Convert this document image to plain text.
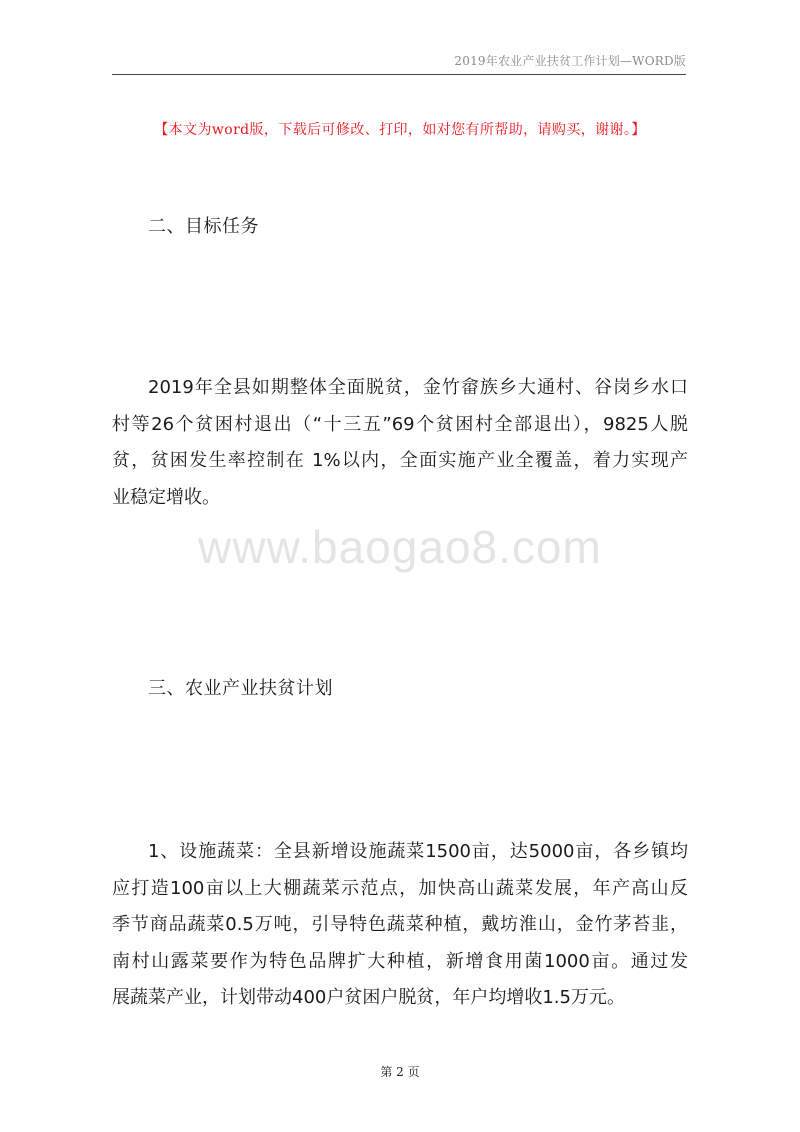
2019年农业产业扶贫工作计划—WORD版
【本文为word版，下载后可修改、打印，如对您有所帮助，请购买，谢谢。】
二、目标任务
2019年全县如期整体全面脱贫，金竹畲族乡大通村、谷岗乡水口
村等26个贫困村退出（“十三五”69个贫困村全部退出），9825人脱
贫，贫困发生率控制在 1%以内，全面实施产业全覆盖，着力实现产
业稳定增收。
www.baogao8.com
三、农业产业扶贫计划
1、设施蔬菜：全县新增设施蔬菜1500亩，达5000亩，各乡镇均
应打造100亩以上大棚蔬菜示范点，加快高山蔬菜发展，年产高山反
季节商品蔬菜0.5万吨，引导特色蔬菜种植，戴坊淮山，金竹茅苔韭，
南村山露菜要作为特色品牌扩大种植，新增食用菌1000亩。通过发
展蔬菜产业，计划带动400户贫困户脱贫，年户均增收1.5万元。
第 2 页
